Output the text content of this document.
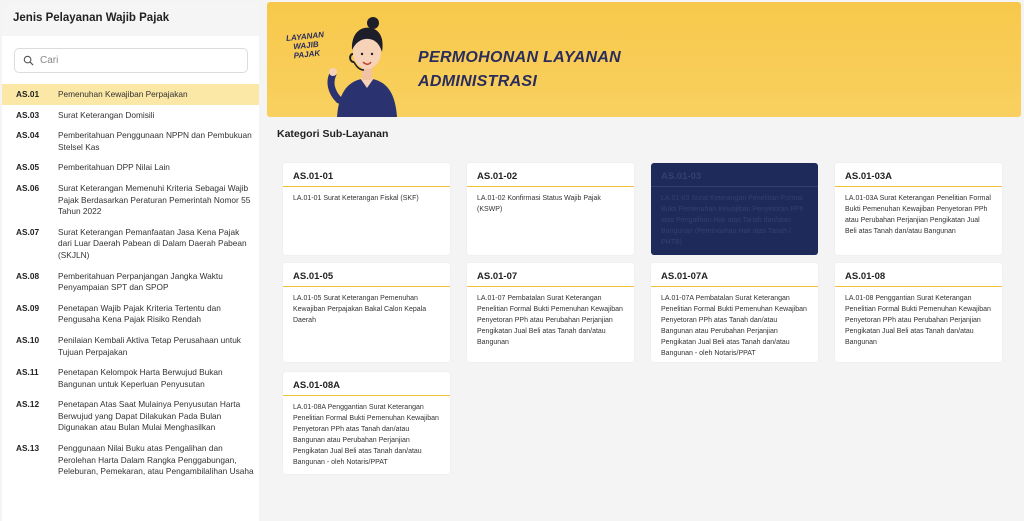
Jenis Pelayanan Wajib Pajak
Cari
AS.01	Pemenuhan Kewajiban Perpajakan
AS.03	Surat Keterangan Domisili
AS.04	Pemberitahuan Penggunaan NPPN dan Pembukuan Stelsel Kas
AS.05	Pemberitahuan DPP Nilai Lain
AS.06	Surat Keterangan Memenuhi Kriteria Sebagai Wajib Pajak Berdasarkan Peraturan Pemerintah Nomor 55 Tahun 2022
AS.07	Surat Keterangan Pemanfaatan Jasa Kena Pajak dari Luar Daerah Pabean di Dalam Daerah Pabean (SKJLN)
AS.08	Pemberitahuan Perpanjangan Jangka Waktu Penyampaian SPT dan SPOP
AS.09	Penetapan Wajib Pajak Kriteria Tertentu dan Pengusaha Kena Pajak Risiko Rendah
AS.10	Penilaian Kembali Aktiva Tetap Perusahaan untuk Tujuan Perpajakan
AS.11	Penetapan Kelompok Harta Berwujud Bukan Bangunan untuk Keperluan Penyusutan
AS.12	Penetapan Atas Saat Mulainya Penyusutan Harta Berwujud yang Dapat Dilakukan Pada Bulan Digunakan atau Bulan Mulai Menghasilkan
AS.13	Penggunaan Nilai Buku atas Pengalihan dan Perolehan Harta Dalam Rangka Penggabungan, Peleburan, Pemekaran, atau Pengambilalihan Usaha
LAYANAN
WAJIB
PAJAK	PERMOHONAN LAYANAN
ADMINISTRASI
Kategori Sub-Layanan
AS.01-01
LA.01-01 Surat Keterangan Fiskal (SKF)
AS.01-02
LA.01-02 Konfirmasi Status Wajib Pajak (KSWP)
AS.01-03
LA.01-03 Surat Keterangan Penelitian Formal Bukti Pemenuhan Kewajiban Penyetoran PPh atas Pengalihan Hak atas Tanah dan/atau Bangunan (Pemindahan Hak atas Tanah / PHTB)
AS.01-03A
LA.01-03A Surat Keterangan Penelitian Formal Bukti Pemenuhan Kewajiban Penyetoran PPh atau Perubahan Perjanjian Pengikatan Jual Beli atas Tanah dan/atau Bangunan
AS.01-05
LA.01-05 Surat Keterangan Pemenuhan Kewajiban Perpajakan Bakal Calon Kepala Daerah
AS.01-07
LA.01-07 Pembatalan Surat Keterangan Penelitian Formal Bukti Pemenuhan Kewajiban Penyetoran PPh atau Perubahan Perjanjian Pengikatan Jual Beli atas Tanah dan/atau Bangunan
AS.01-07A
LA.01-07A Pembatalan Surat Keterangan Penelitian Formal Bukti Pemenuhan Kewajiban Penyetoran PPh atas Tanah dan/atau Bangunan atau Perubahan Perjanjian Pengikatan Jual Beli atas Tanah dan/atau Bangunan - oleh Notaris/PPAT
AS.01-08
LA.01-08 Penggantian Surat Keterangan Penelitian Formal Bukti Pemenuhan Kewajiban Penyetoran PPh atau Perubahan Perjanjian Pengikatan Jual Beli atas Tanah dan/atau Bangunan
AS.01-08A
LA.01-08A Penggantian Surat Keterangan Penelitian Formal Bukti Pemenuhan Kewajiban Penyetoran PPh atas Tanah dan/atau Bangunan atau Perubahan Perjanjian Pengikatan Jual Beli atas Tanah dan/atau Bangunan - oleh Notaris/PPAT
